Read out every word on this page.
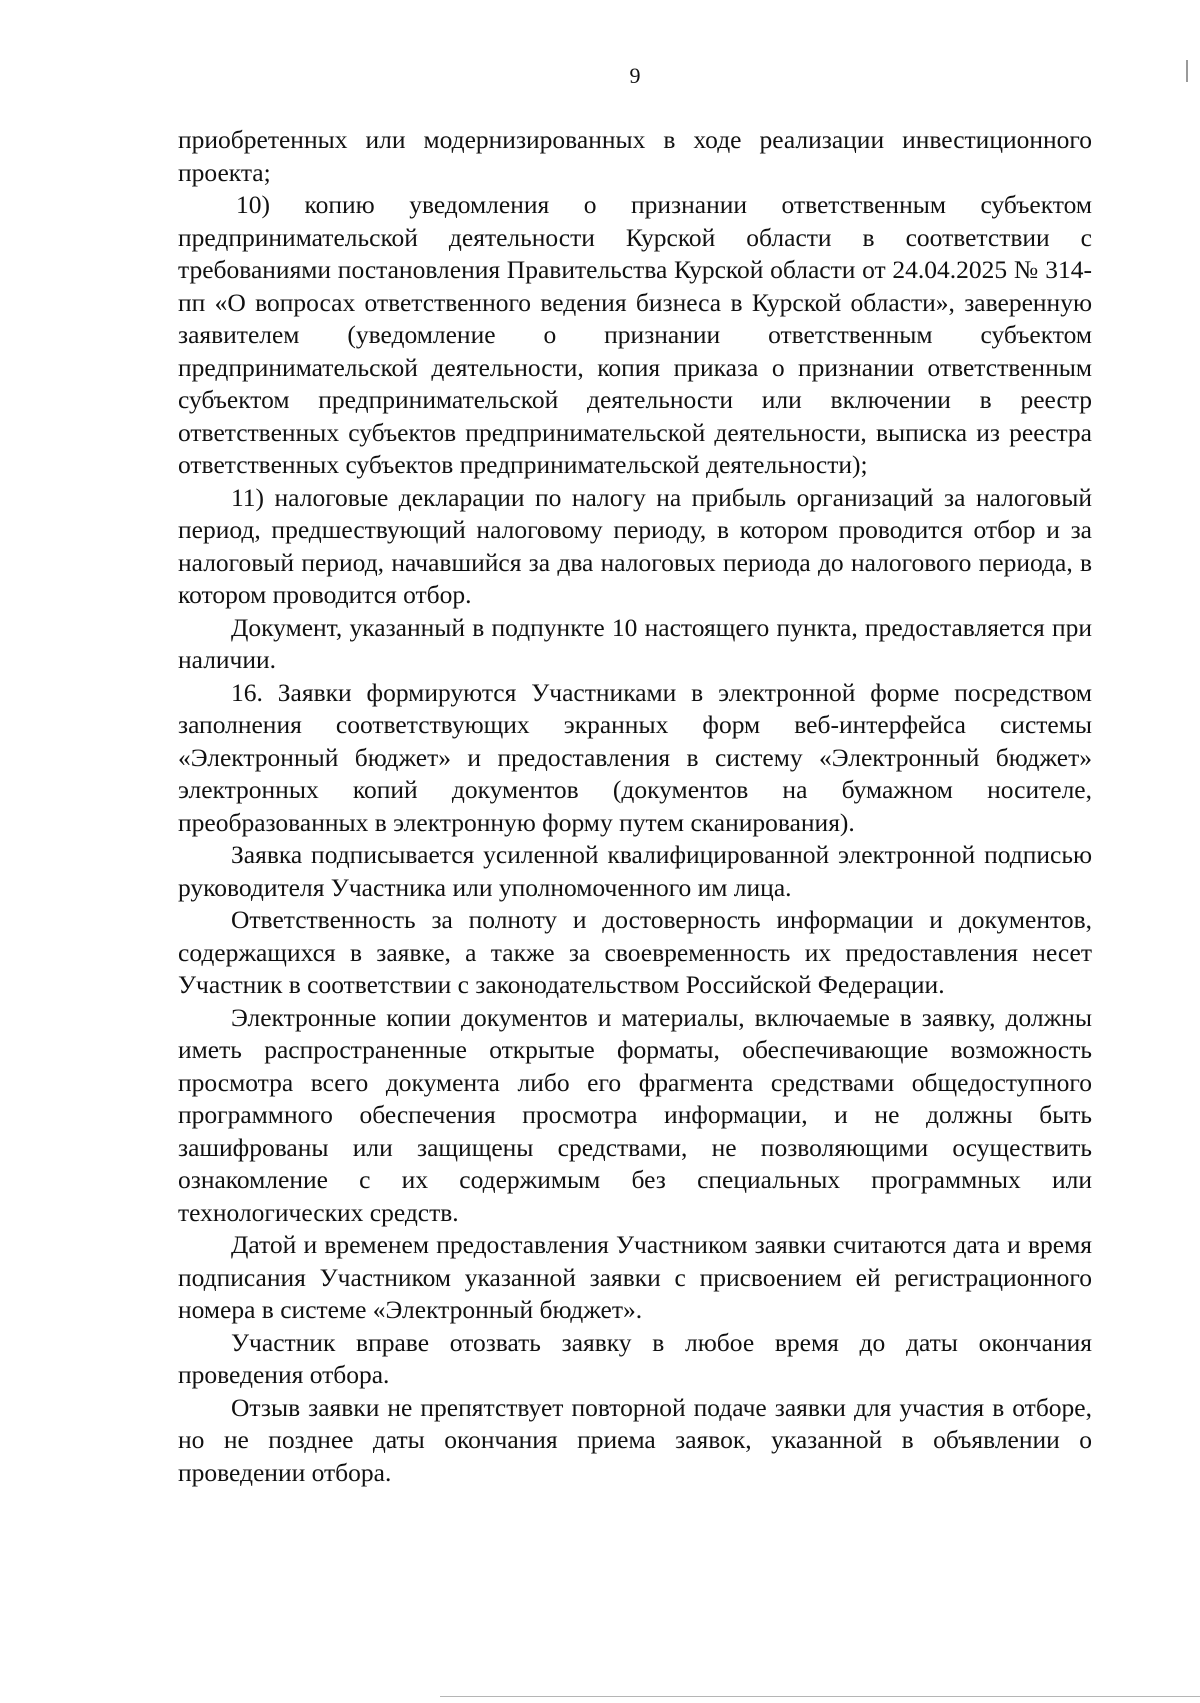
9

приобретенных или модернизированных в ходе реализации инвестиционного проекта;

10) копию уведомления о признании ответственным субъектом предпринимательской деятельности Курской области в соответствии с требованиями постановления Правительства Курской области от 24.04.2025 № 314-пп «О вопросах ответственного ведения бизнеса в Курской области», заверенную заявителем (уведомление о признании ответственным субъектом предпринимательской деятельности, копия приказа о признании ответственным субъектом предпринимательской деятельности или включении в реестр ответственных субъектов предпринимательской деятельности, выписка из реестра ответственных субъектов предпринимательской деятельности);

11) налоговые декларации по налогу на прибыль организаций за налоговый период, предшествующий налоговому периоду, в котором проводится отбор и за налоговый период, начавшийся за два налоговых периода до налогового периода, в котором проводится отбор.

Документ, указанный в подпункте 10 настоящего пункта, предоставляется при наличии.

16. Заявки формируются Участниками в электронной форме посредством заполнения соответствующих экранных форм веб-интерфейса системы «Электронный бюджет» и предоставления в систему «Электронный бюджет» электронных копий документов (документов на бумажном носителе, преобразованных в электронную форму путем сканирования).

Заявка подписывается усиленной квалифицированной электронной подписью руководителя Участника или уполномоченного им лица.

Ответственность за полноту и достоверность информации и документов, содержащихся в заявке, а также за своевременность их предоставления несет Участник в соответствии с законодательством Российской Федерации.

Электронные копии документов и материалы, включаемые в заявку, должны иметь распространенные открытые форматы, обеспечивающие возможность просмотра всего документа либо его фрагмента средствами общедоступного программного обеспечения просмотра информации, и не должны быть зашифрованы или защищены средствами, не позволяющими осуществить ознакомление с их содержимым без специальных программных или технологических средств.

Датой и временем предоставления Участником заявки считаются дата и время подписания Участником указанной заявки с присвоением ей регистрационного номера в системе «Электронный бюджет».

Участник вправе отозвать заявку в любое время до даты окончания проведения отбора.

Отзыв заявки не препятствует повторной подаче заявки для участия в отборе, но не позднее даты окончания приема заявок, указанной в объявлении о проведении отбора.
